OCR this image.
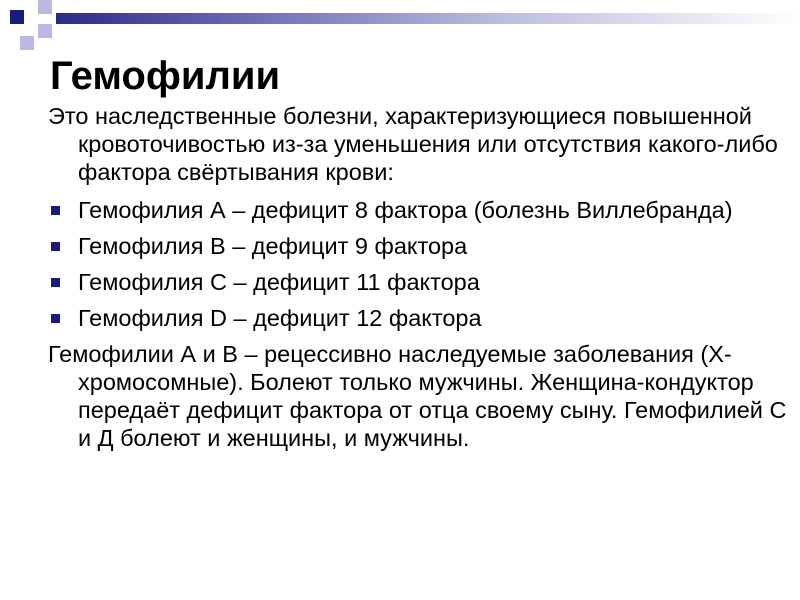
Гемофилии

Это наследственные болезни, характеризующиеся повышенной кровоточивостью из-за уменьшения или отсутствия какого-либо фактора свёртывания крови:

Гемофилия А – дефицит 8 фактора (болезнь Виллебранда)
Гемофилия В – дефицит 9 фактора
Гемофилия С – дефицит 11 фактора
Гемофилия D – дефицит 12 фактора

Гемофилии А и В – рецессивно наследуемые заболевания (Х-хромосомные). Болеют только мужчины. Женщина-кондуктор передаёт дефицит фактора от отца своему сыну. Гемофилией С и Д болеют и женщины, и мужчины.
